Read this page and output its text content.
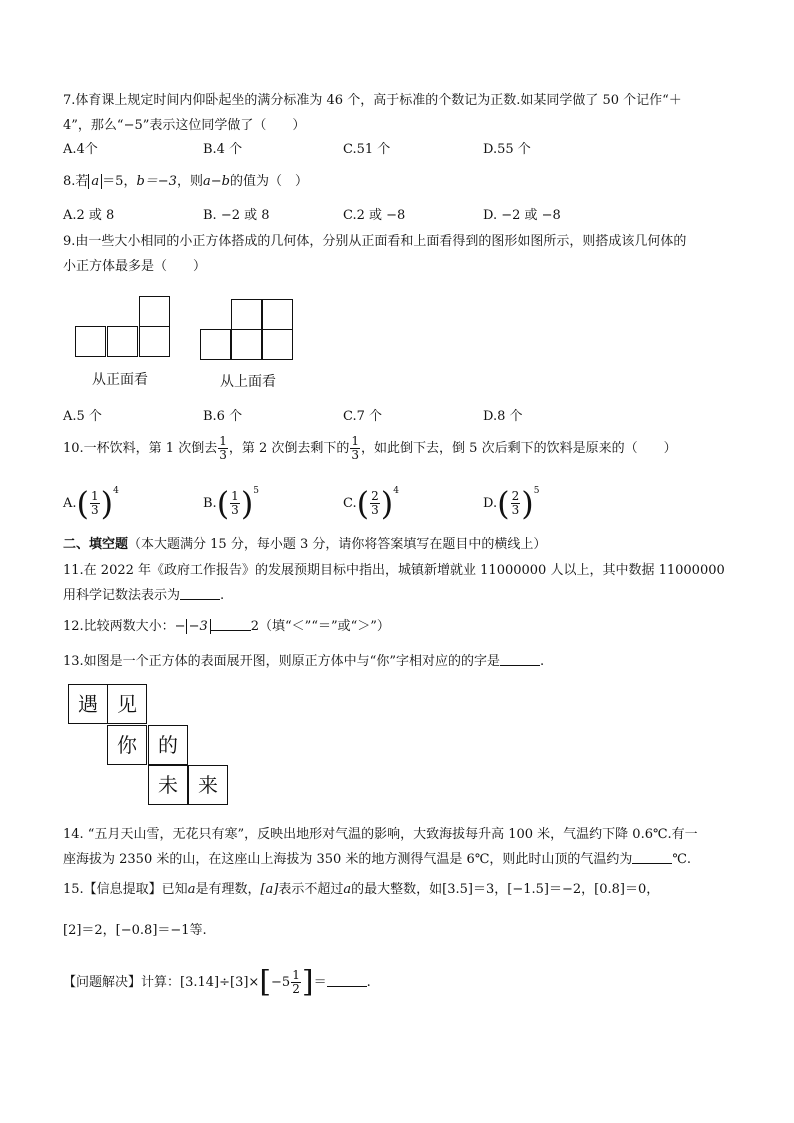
7.体育课上规定时间内仰卧起坐的满分标准为 46 个，高于标准的个数记为正数.如某同学做了 50 个记作“＋
4”，那么“−5”表示这位同学做了（　　）
A.4个	B.4 个	C.51 个	D.55 个
8.若 a ＝5，b＝−3，则a−b的值为（　）
A.2 或 8	B. −2 或 8	C.2 或 −8	D. −2 或 −8
9.由一些大小相同的小正方体搭成的几何体，分别从正面看和上面看得到的图形如图所示，则搭成该几何体的
小正方体最多是（　　）
从正面看	从上面看
A.5 个	B.6 个	C.7 个	D.8 个
10.一杯饮料，第 1 次倒去 $\frac{1}{3}$ ，第 2 次倒去剩下的 $\frac{1}{3}$ ，如此倒下去，倒 5 次后剩下的饮料是原来的（　　）
$A.( \frac{1}{3} )^4$
$B.( \frac{1}{3} )^5$
$C.( \frac{2}{3} )^4$
$D.( \frac{2}{3} )^5$
二、填空题（本大题满分 15 分，每小题 3 分，请你将答案填写在题目中的横线上）
11.在 2022 年《政府工作报告》的发展预期目标中指出，城镇新增就业 11000000 人以上，其中数据 11000000
用科学记数法表示为	.
12.比较两数大小：− −3	2（填“＜”“＝”或“＞”）
13.如图是一个正方体的表面展开图，则原正方体中与“你”字相对应的的字是	.
遇 见
你	的
未	来
14. “五月天山雪，无花只有寒”，反映出地形对气温的影响，大致海拔每升高 100 米，气温约下降 0.6℃.有一
座海拔为 2350 米的山，在这座山上海拔为 350 米的地方测得气温是 6℃，则此时山顶的气温约为	℃.
15.【信息提取】已知a是有理数，[a]表示不超过a的最大整数，如[3.5]＝3，[−1.5]＝−2，[0.8]＝0，
[2]＝2，[−0.8]＝−1等.
【问题解决】计算：$[3.14]\div[3]\times[-5 \frac{1}{2}$ ]＝	.
